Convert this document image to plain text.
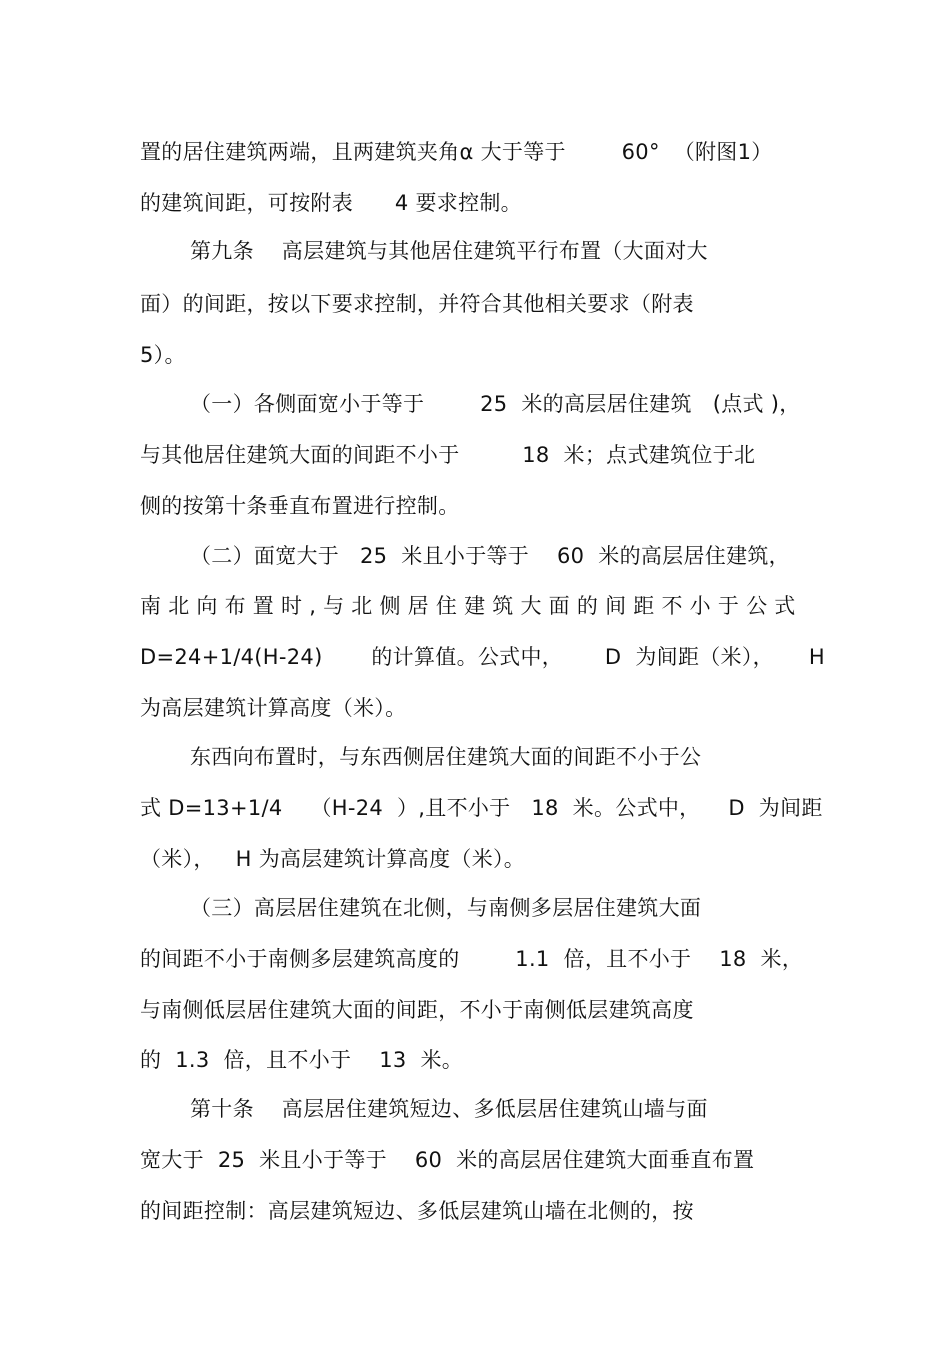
置的居住建筑两端，且两建筑夹角α 大于等于        60°  （附图1）
的建筑间距，可按附表      4 要求控制。
第九条    高层建筑与其他居住建筑平行布置（大面对大
面）的间距，按以下要求控制，并符合其他相关要求（附表
5）。
（一）各侧面宽小于等于        25  米的高层居住建筑   (点式 )，
与其他居住建筑大面的间距不小于         18  米；点式建筑位于北
侧的按第十条垂直布置进行控制。
（二）面宽大于   25  米且小于等于    60  米的高层居住建筑，
南北向布置时,与北侧居住建筑大面的间距不小于公式
D=24+1/4(H-24)       的计算值。公式中，      D  为间距（米），     H
为高层建筑计算高度（米）。
东西向布置时，与东西侧居住建筑大面的间距不小于公
式 D=13+1/4    （H-24  ）,且不小于   18  米。公式中，    D  为间距
（米），   H 为高层建筑计算高度（米）。
（三）高层居住建筑在北侧，与南侧多层居住建筑大面
的间距不小于南侧多层建筑高度的        1.1  倍，且不小于    18  米，
与南侧低层居住建筑大面的间距，不小于南侧低层建筑高度
的  1.3  倍，且不小于    13  米。
第十条    高层居住建筑短边、多低层居住建筑山墙与面
宽大于  25  米且小于等于    60  米的高层居住建筑大面垂直布置
的间距控制：高层建筑短边、多低层建筑山墙在北侧的，按
